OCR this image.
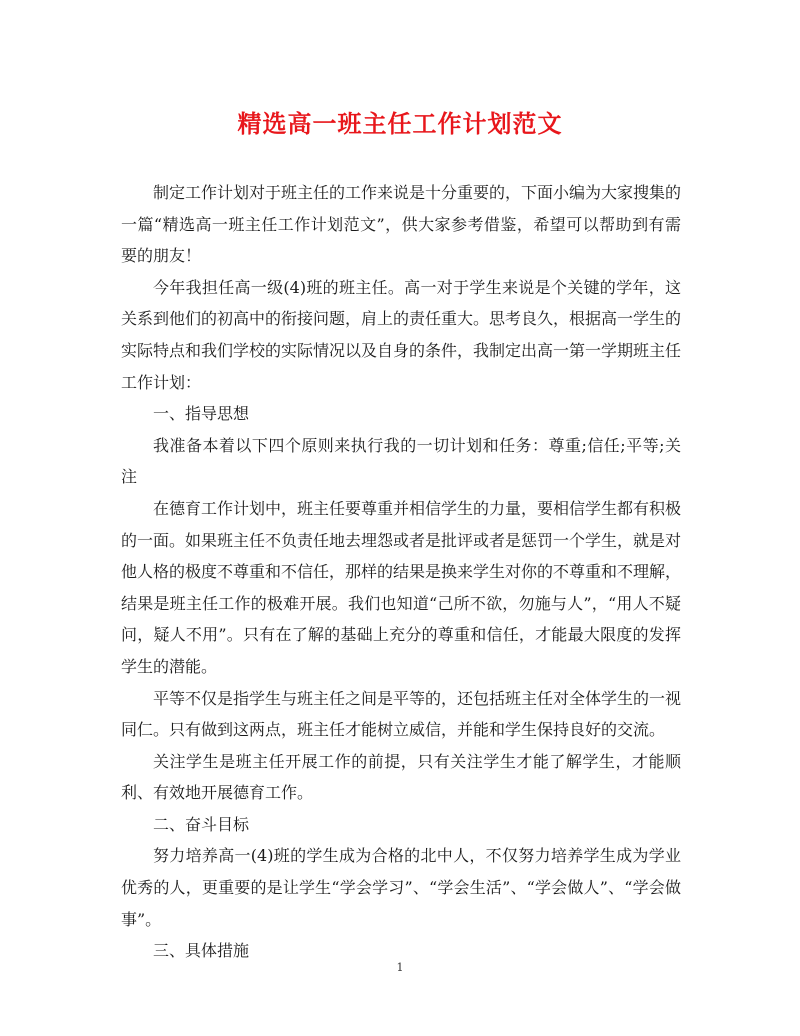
精选高一班主任工作计划范文

制定工作计划对于班主任的工作来说是十分重要的，下面小编为大家搜集的一篇“精选高一班主任工作计划范文”，供大家参考借鉴，希望可以帮助到有需要的朋友！

今年我担任高一级(4)班的班主任。高一对于学生来说是个关键的学年，这关系到他们的初高中的衔接问题，肩上的责任重大。思考良久，根据高一学生的实际特点和我们学校的实际情况以及自身的条件，我制定出高一第一学期班主任工作计划：

一、指导思想

我准备本着以下四个原则来执行我的一切计划和任务：尊重;信任;平等;关注

在德育工作计划中，班主任要尊重并相信学生的力量，要相信学生都有积极的一面。如果班主任不负责任地去埋怨或者是批评或者是惩罚一个学生，就是对他人格的极度不尊重和不信任，那样的结果是换来学生对你的不尊重和不理解，结果是班主任工作的极难开展。我们也知道“己所不欲，勿施与人”，“用人不疑问，疑人不用”。只有在了解的基础上充分的尊重和信任，才能最大限度的发挥学生的潜能。

平等不仅是指学生与班主任之间是平等的，还包括班主任对全体学生的一视同仁。只有做到这两点，班主任才能树立威信，并能和学生保持良好的交流。

关注学生是班主任开展工作的前提，只有关注学生才能了解学生，才能顺利、有效地开展德育工作。

二、奋斗目标

努力培养高一(4)班的学生成为合格的北中人，不仅努力培养学生成为学业优秀的人，更重要的是让学生“学会学习”、“学会生活”、“学会做人”、“学会做事”。

三、具体措施

1
